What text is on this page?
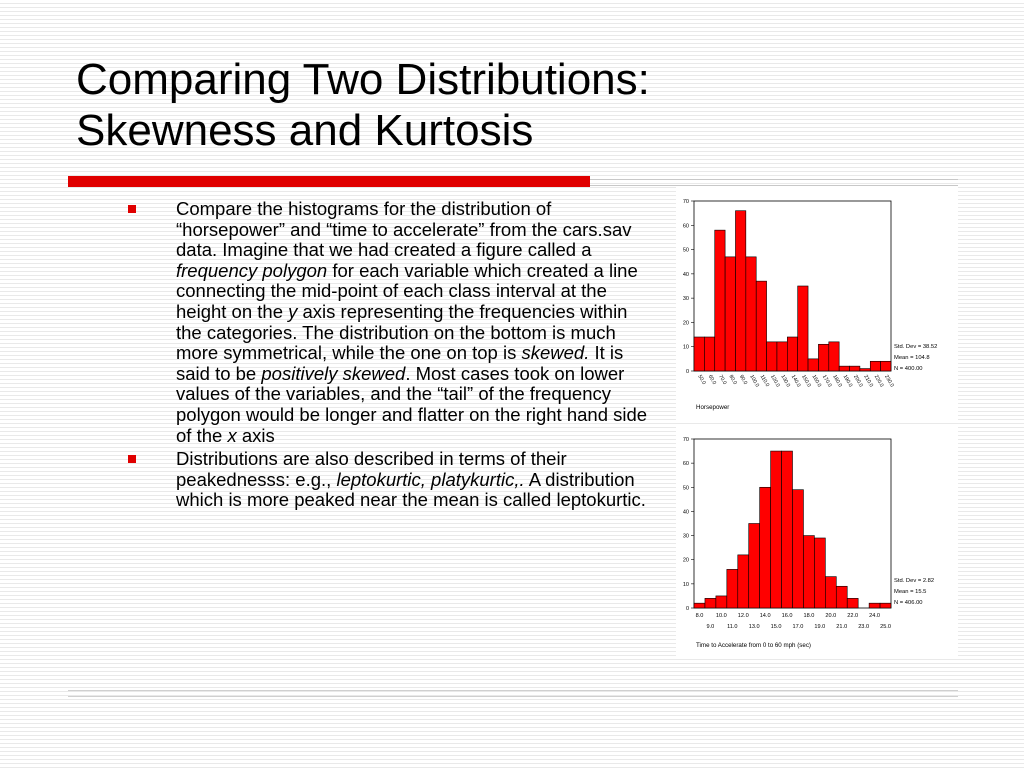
Comparing Two Distributions:
Skewness and Kurtosis

Compare the histograms for the distribution of “horsepower” and “time to accelerate” from the cars.sav data. Imagine that we had created a figure called a frequency polygon for each variable which created a line connecting the mid-point of each class interval at the height on the y axis representing the frequencies within the categories. The distribution on the bottom is much more symmetrical, while the one on top is skewed. It is said to be positively skewed. Most cases took on lower values of the variables, and the “tail” of the frequency polygon would be longer and flatter on the right hand side of the x axis

Distributions are also described in terms of their peakednesss: e.g., leptokurtic, platykurtic,. A distribution which is more peaked near the mean is called leptokurtic.

0
10
20
30
40
50
60
70
50.0 60.0 70.0 80.0 90.0 100.0
110.0
120.0
130.0
140.0
150.0
160.0
170.0
180.0
190.0
200.0
210.0
220.0
230.0
Std. Dev = 38.52
Mean = 104.8
N = 400.00
Horsepower
0
10
20
30
40
50
60
70
8.0
9.0
10.0
11.0
12.0
13.0
14.0
15.0
16.0
17.0
18.0
19.0
20.0
21.0
22.0
23.0
24.0
25.0
Std. Dev = 2.82
Mean = 15.5
N = 406.00
Time to Accelerate from 0 to 60 mph (sec)
